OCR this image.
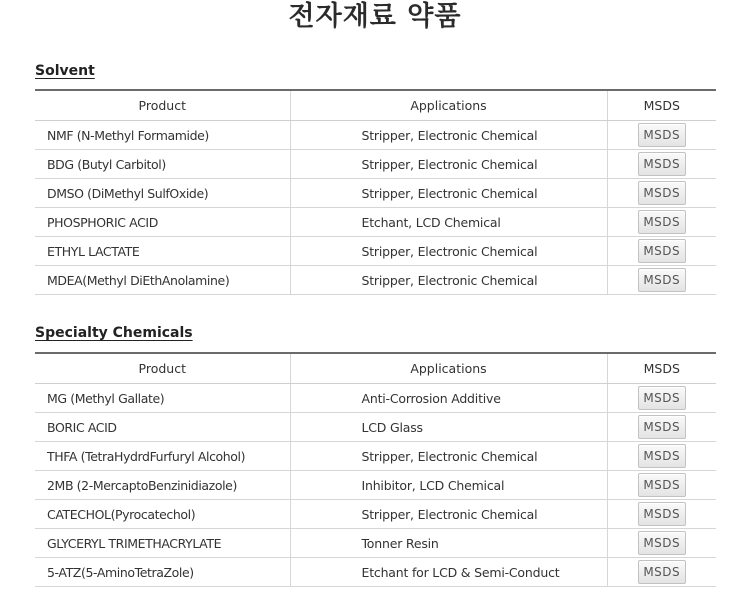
전자재료 약품
Solvent
Product	Applications	MSDS
NMF (N-Methyl Formamide)	Stripper, Electronic Chemical	MSDS
BDG (Butyl Carbitol)	Stripper, Electronic Chemical	MSDS
DMSO (DiMethyl SulfOxide)	Stripper, Electronic Chemical	MSDS
PHOSPHORIC ACID	Etchant, LCD Chemical	MSDS
ETHYL LACTATE	Stripper, Electronic Chemical	MSDS
MDEA(Methyl DiEthAnolamine)	Stripper, Electronic Chemical	MSDS
Specialty Chemicals
Product	Applications	MSDS
MG (Methyl Gallate)	Anti-Corrosion Additive	MSDS
BORIC ACID	LCD Glass	MSDS
THFA (TetraHydrdFurfuryl Alcohol)	Stripper, Electronic Chemical	MSDS
2MB (2-MercaptoBenzinidiazole)	Inhibitor, LCD Chemical	MSDS
CATECHOL(Pyrocatechol)	Stripper, Electronic Chemical	MSDS
GLYCERYL TRIMETHACRYLATE	Tonner Resin	MSDS
5-ATZ(5-AminoTetraZole)	Etchant for LCD & Semi-Conduct	MSDS
